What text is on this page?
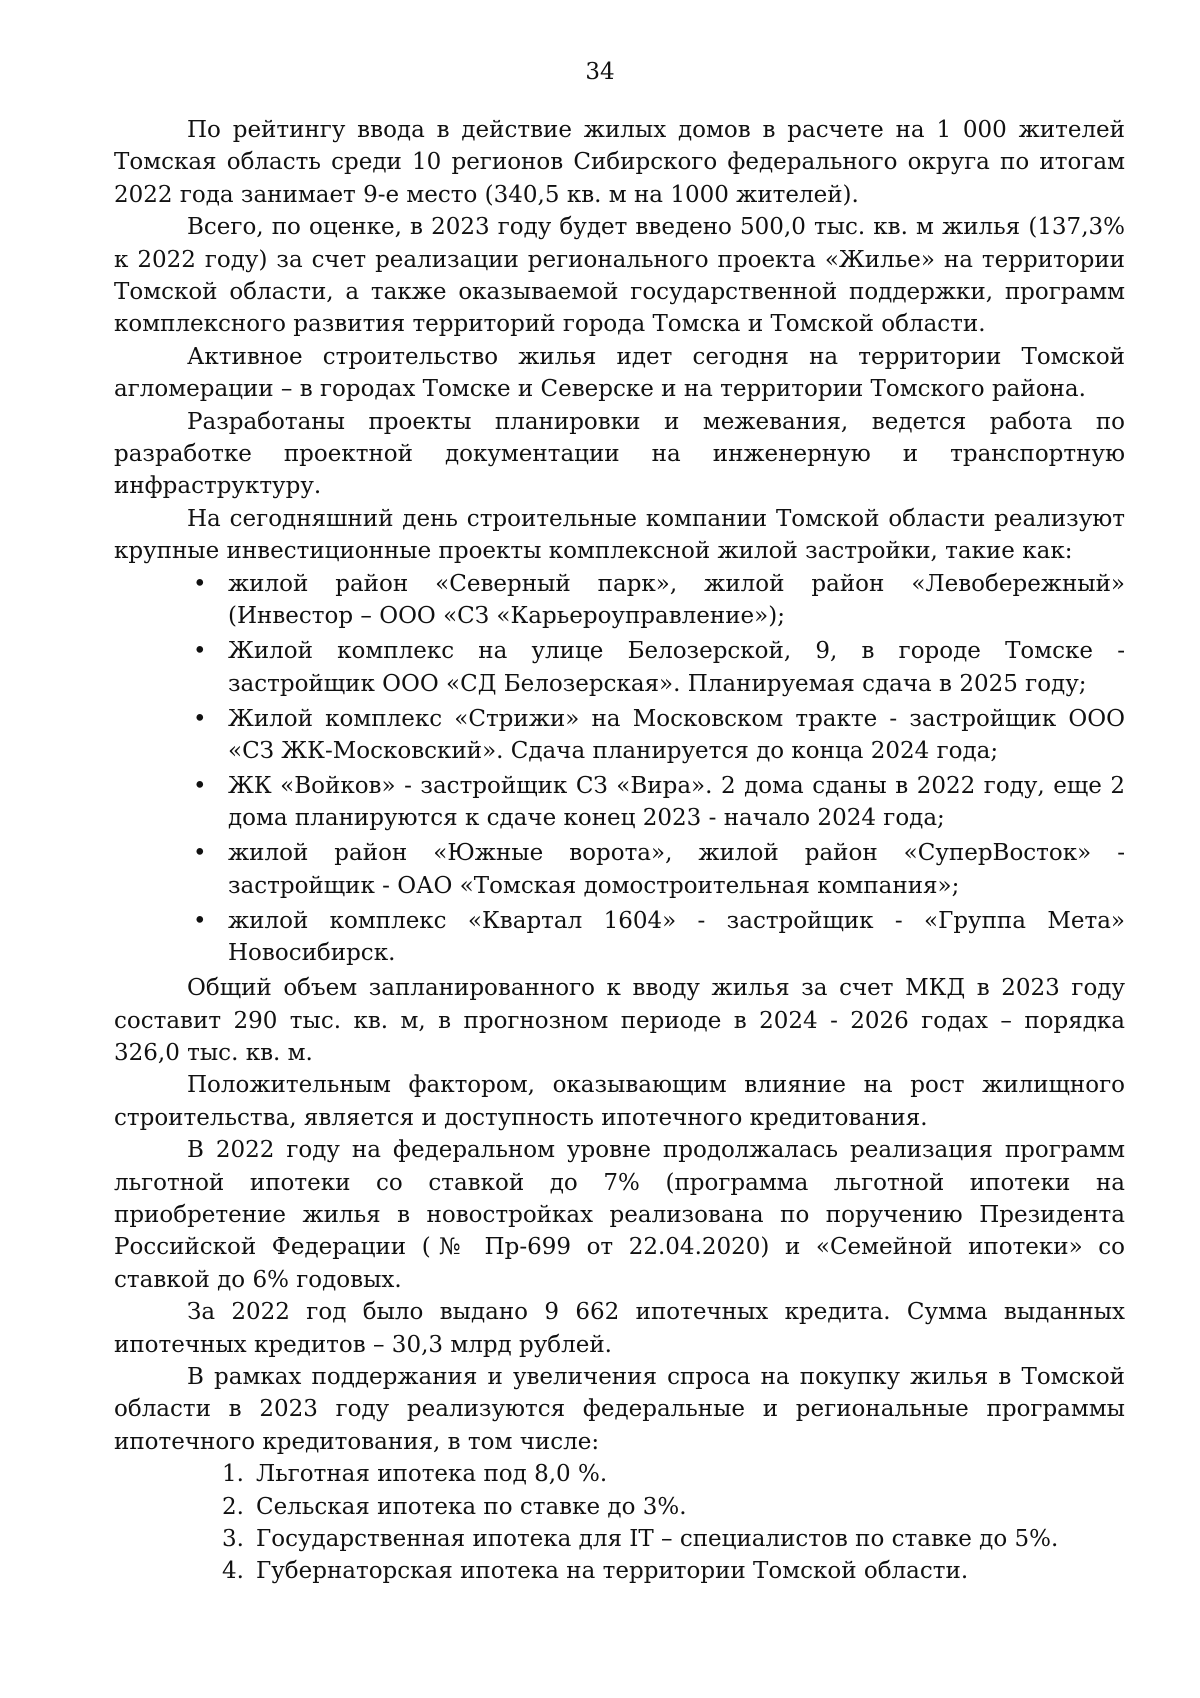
34

По рейтингу ввода в действие жилых домов в расчете на 1 000 жителей Томская область среди 10 регионов Сибирского федерального округа по итогам 2022 года занимает 9-е место (340,5 кв. м на 1000 жителей).

Всего, по оценке, в 2023 году будет введено 500,0 тыс. кв. м жилья (137,3% к 2022 году) за счет реализации регионального проекта «Жилье» на территории Томской области, а также оказываемой государственной поддержки, программ комплексного развития территорий города Томска и Томской области.

Активное строительство жилья идет сегодня на территории Томской агломерации – в городах Томске и Северске и на территории Томского района.

Разработаны проекты планировки и межевания, ведется работа по разработке проектной документации на инженерную и транспортную инфраструктуру.

На сегодняшний день строительные компании Томской области реализуют крупные инвестиционные проекты комплексной жилой застройки, такие как:

• жилой район «Северный парк», жилой район «Левобережный» (Инвестор – ООО «СЗ «Карьероуправление»);
• Жилой комплекс на улице Белозерской, 9, в городе Томске - застройщик ООО «СД Белозерская». Планируемая сдача в 2025 году;
• Жилой комплекс «Стрижи» на Московском тракте - застройщик ООО «СЗ ЖК-Московский». Сдача планируется до конца 2024 года;
• ЖК «Войков» - застройщик СЗ «Вира». 2 дома сданы в 2022 году, еще 2 дома планируются к сдаче конец 2023 - начало 2024 года;
• жилой район «Южные ворота», жилой район «СуперВосток» - застройщик - ОАО «Томская домостроительная компания»;
• жилой комплекс «Квартал 1604» - застройщик - «Группа Мета» Новосибирск.

Общий объем запланированного к вводу жилья за счет МКД в 2023 году составит 290 тыс. кв. м, в прогнозном периоде в 2024 - 2026 годах – порядка 326,0 тыс. кв. м.

Положительным фактором, оказывающим влияние на рост жилищного строительства, является и доступность ипотечного кредитования.

В 2022 году на федеральном уровне продолжалась реализация программ льготной ипотеки со ставкой до 7% (программа льготной ипотеки на приобретение жилья в новостройках реализована по поручению Президента Российской Федерации (№ Пр-699 от 22.04.2020) и «Семейной ипотеки» со ставкой до 6% годовых.

За 2022 год было выдано 9 662 ипотечных кредита. Сумма выданных ипотечных кредитов – 30,3 млрд рублей.

В рамках поддержания и увеличения спроса на покупку жилья в Томской области в 2023 году реализуются федеральные и региональные программы ипотечного кредитования, в том числе:

1. Льготная ипотека под 8,0 %.
2. Сельская ипотека по ставке до 3%.
3. Государственная ипотека для IT – специалистов по ставке до 5%.
4. Губернаторская ипотека на территории Томской области.
